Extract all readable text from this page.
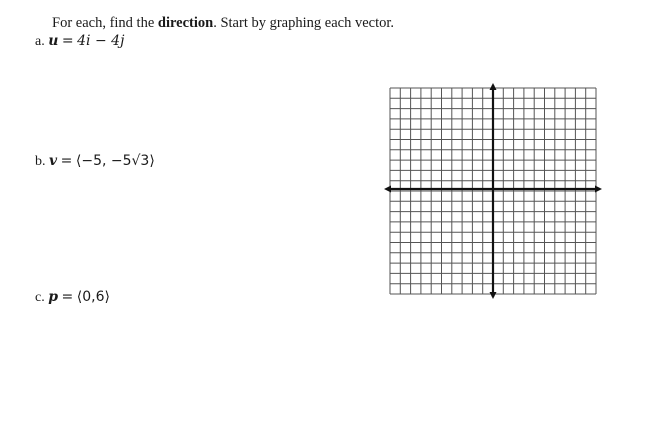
For each, find the direction. Start by graphing each vector.
a. u = 4i − 4j
b. v = ⟨−5, −5√3⟩
c. p = ⟨0,6⟩
